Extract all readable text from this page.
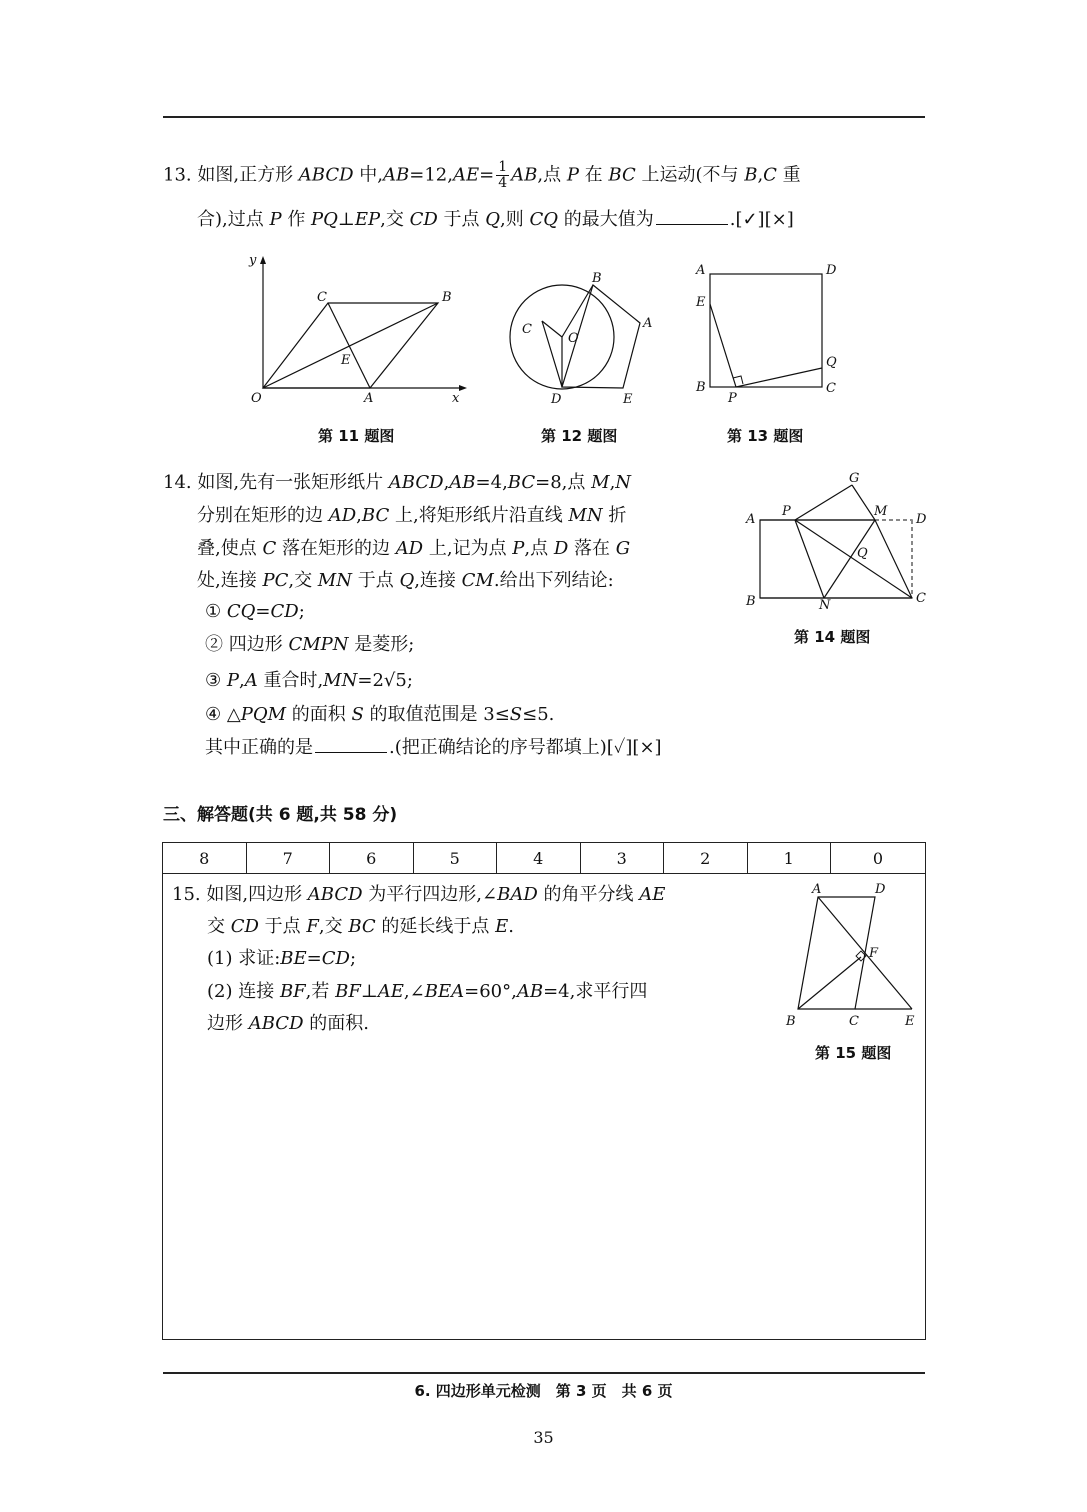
13. 如图,正方形 ABCD 中$,AB=12,AE= \frac{1}{4}$ AB,点 P 在 BC 上运动(不与 B,C 重
合),过点 P 作 PQ⊥EP,交 CD 于点 Q,则 CQ 的最大值为	.[✓][×]
y
x
O	A
B
C
E
第 11 题图
B
C
O
A
D	E
第 12 题图
A	D
E
Q
B
P
C
第 13 题图
14. 如图,先有一张矩形纸片 ABCD,AB=4,BC=8,点 M,N
分别在矩形的边 AD,BC 上,将矩形纸片沿直线 MN 折
叠,使点 C 落在矩形的边 AD 上,记为点 P,点 D 落在 G
处,连接 PC,交 MN 于点 Q,连接 CM.给出下列结论:
① CQ=CD;
② 四边形 CMPN 是菱形;
③ P,A 重合时,MN=2√5;
④ △PQM 的面积 S 的取值范围是 3≤S≤5.
其中正确的是	.(把正确结论的序号都填上)[✓][×]
G
A
P	M
D
Q
B	N	C
第 14 题图
三、解答题(共 6 题,共 58 分)
8	7	6	5	4	3	2	1	0
15. 如图,四边形 ABCD 为平行四边形,∠BAD 的角平分线 AE
交 CD 于点 F,交 BC 的延长线于点 E.
(1) 求证:BE=CD;
(2) 连接 BF,若 BF⊥AE,∠BEA=60°,AB=4,求平行四
边形 ABCD 的面积.
A	D
F
B	C	E
第 15 题图
6. 四边形单元检测　第 3 页　共 6 页
35
